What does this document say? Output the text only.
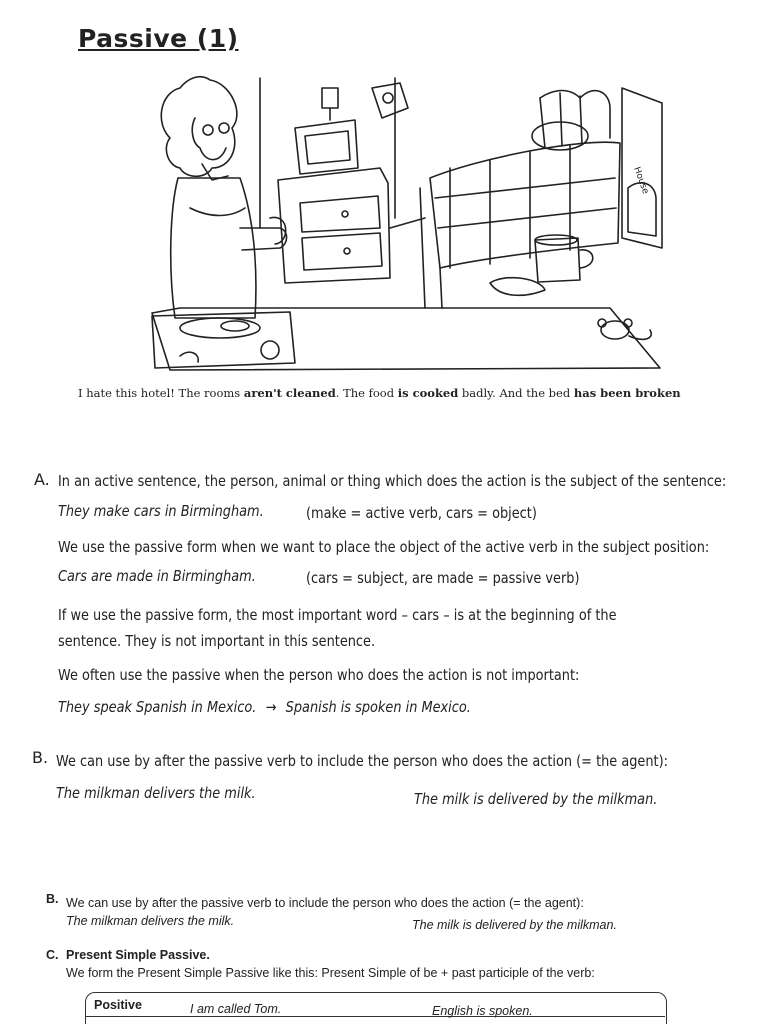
Passive (1)
House
I hate this hotel! The rooms aren't cleaned. The food is cooked badly. And the bed has been broken
A. In an active sentence, the person, animal or thing which does the action is the subject of the sentence:
They make cars in Birmingham.	(make = active verb, cars = object)
We use the passive form when we want to place the object of the active verb in the subject position:
Cars are made in Birmingham.	(cars = subject, are made = passive verb)
If we use the passive form, the most important word – cars – is at the beginning of the
sentence. They is not important in this sentence.
We often use the passive when the person who does the action is not important:
They speak Spanish in Mexico. → Spanish is spoken in Mexico.
B. We can use by after the passive verb to include the person who does the action (= the agent):
The milkman delivers the milk.	The milk is delivered by the milkman.
B. We can use by after the passive verb to include the person who does the action (= the agent):
The milkman delivers the milk.	The milk is delivered by the milkman.
C. Present Simple Passive.
We form the Present Simple Passive like this: Present Simple of be + past participle of the verb:
Positive	I am called Tom.	English is spoken.
